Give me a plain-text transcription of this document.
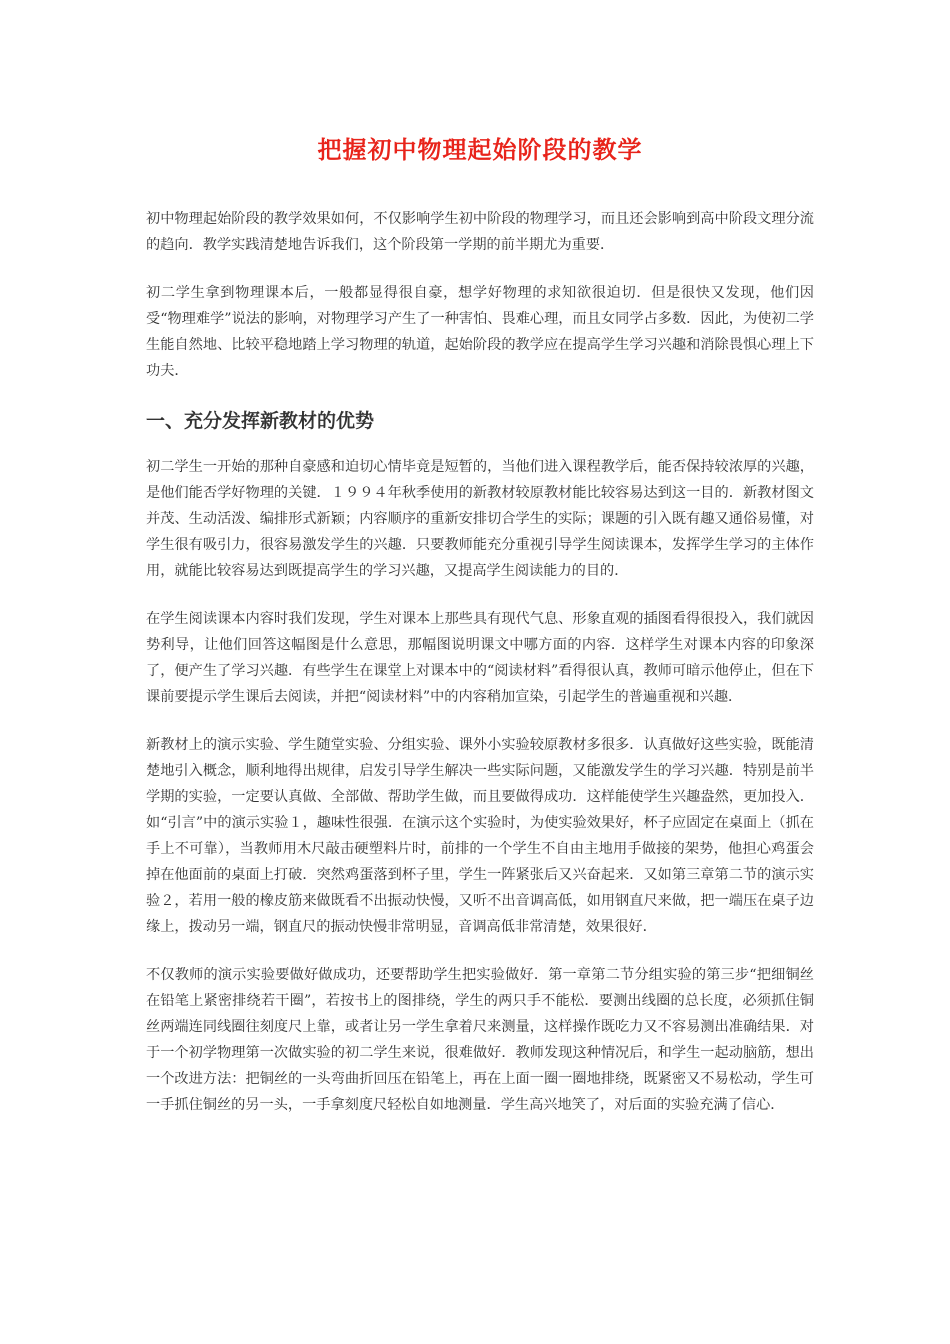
把握初中物理起始阶段的教学

初中物理起始阶段的教学效果如何，不仅影响学生初中阶段的物理学习，而且还会影响到高中阶段文理分流的趋向．教学实践清楚地告诉我们，这个阶段第一学期的前半期尤为重要．

初二学生拿到物理课本后，一般都显得很自豪，想学好物理的求知欲很迫切．但是很快又发现，他们因受“物理难学”说法的影响，对物理学习产生了一种害怕、畏难心理，而且女同学占多数．因此，为使初二学生能自然地、比较平稳地踏上学习物理的轨道，起始阶段的教学应在提高学生学习兴趣和消除畏惧心理上下功夫．

一、充分发挥新教材的优势

初二学生一开始的那种自豪感和迫切心情毕竟是短暂的，当他们进入课程教学后，能否保持较浓厚的兴趣，是他们能否学好物理的关键．１９９４年秋季使用的新教材较原教材能比较容易达到这一目的．新教材图文并茂、生动活泼、编排形式新颖；内容顺序的重新安排切合学生的实际；课题的引入既有趣又通俗易懂，对学生很有吸引力，很容易激发学生的兴趣．只要教师能充分重视引导学生阅读课本，发挥学生学习的主体作用，就能比较容易达到既提高学生的学习兴趣，又提高学生阅读能力的目的．

在学生阅读课本内容时我们发现，学生对课本上那些具有现代气息、形象直观的插图看得很投入，我们就因势利导，让他们回答这幅图是什么意思，那幅图说明课文中哪方面的内容．这样学生对课本内容的印象深了，便产生了学习兴趣．有些学生在课堂上对课本中的“阅读材料”看得很认真，教师可暗示他停止，但在下课前要提示学生课后去阅读，并把“阅读材料”中的内容稍加宣染，引起学生的普遍重视和兴趣．

新教材上的演示实验、学生随堂实验、分组实验、课外小实验较原教材多很多．认真做好这些实验，既能清楚地引入概念，顺利地得出规律，启发引导学生解决一些实际问题，又能激发学生的学习兴趣．特别是前半学期的实验，一定要认真做、全部做、帮助学生做，而且要做得成功．这样能使学生兴趣盎然，更加投入．如“引言”中的演示实验１，趣味性很强．在演示这个实验时，为使实验效果好，杯子应固定在桌面上（抓在手上不可靠），当教师用木尺敲击硬塑料片时，前排的一个学生不自由主地用手做接的架势，他担心鸡蛋会掉在他面前的桌面上打破．突然鸡蛋落到杯子里，学生一阵紧张后又兴奋起来．又如第三章第二节的演示实验２，若用一般的橡皮筋来做既看不出振动快慢，又听不出音调高低，如用钢直尺来做，把一端压在桌子边缘上，拨动另一端，钢直尺的振动快慢非常明显，音调高低非常清楚，效果很好．

不仅教师的演示实验要做好做成功，还要帮助学生把实验做好．第一章第二节分组实验的第三步“把细铜丝在铅笔上紧密排绕若干圈”，若按书上的图排绕，学生的两只手不能松．要测出线圈的总长度，必须抓住铜丝两端连同线圈往刻度尺上靠，或者让另一学生拿着尺来测量，这样操作既吃力又不容易测出准确结果．对于一个初学物理第一次做实验的初二学生来说，很难做好．教师发现这种情况后，和学生一起动脑筋，想出一个改进方法：把铜丝的一头弯曲折回压在铅笔上，再在上面一圈一圈地排绕，既紧密又不易松动，学生可一手抓住铜丝的另一头，一手拿刻度尺轻松自如地测量．学生高兴地笑了，对后面的实验充满了信心．
